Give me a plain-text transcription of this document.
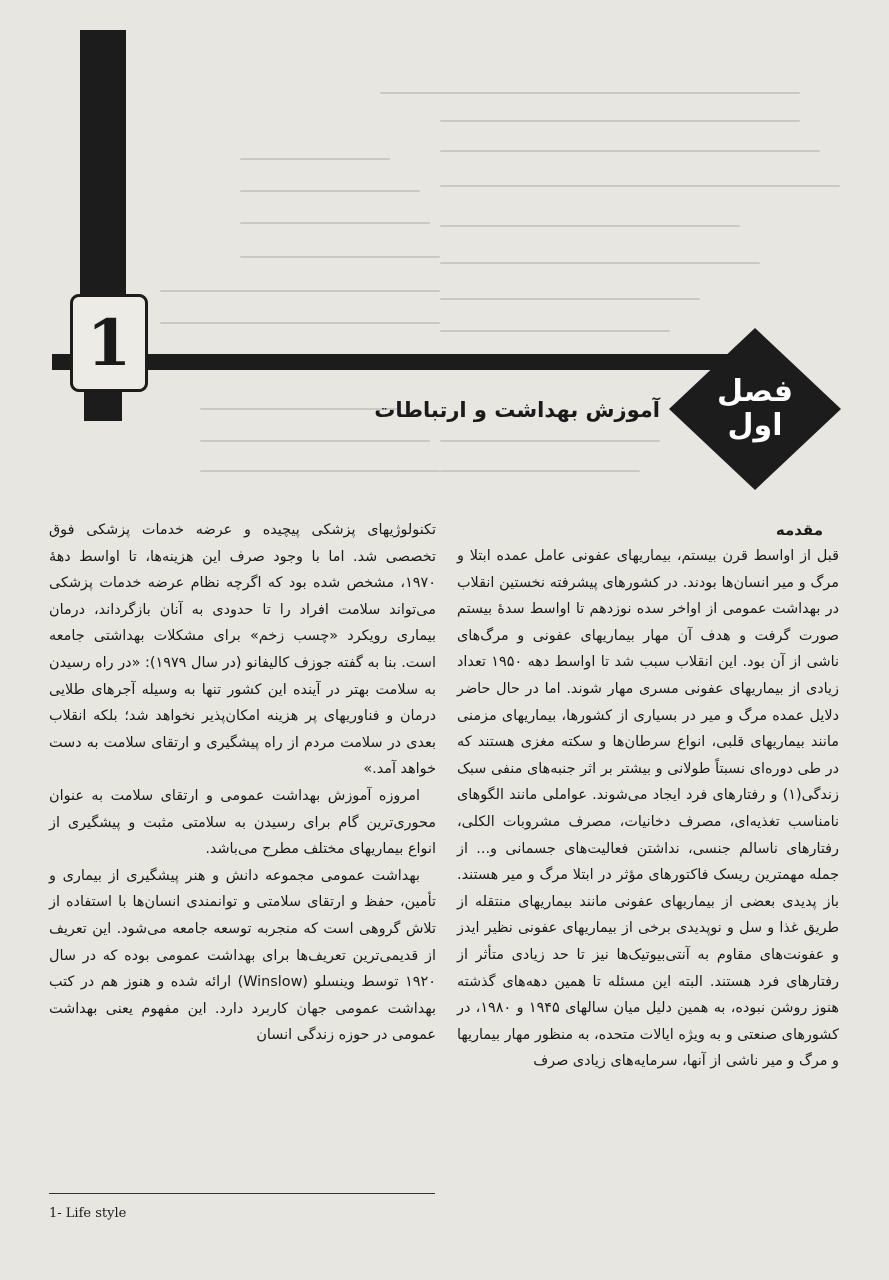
1
فصل
اول
آموزش بهداشت و ارتباطات

مقدمه

قبل از اواسط قرن بیستم، بیماریهای عفونی عامل عمده ابتلا و مرگ و میر انسان‌ها بودند. در کشورهای پیشرفته نخستین انقلاب در بهداشت عمومی از اواخر سده نوزدهم تا اواسط سدهٔ بیستم صورت گرفت و هدف آن مهار بیماریهای عفونی و مرگ‌های ناشی از آن بود. این انقلاب سبب شد تا اواسط دهه ۱۹۵۰ تعداد زیادی از بیماریهای عفونی مسری مهار شوند. اما در حال حاضر دلایل عمده مرگ و میر در بسیاری از کشورها، بیماریهای مزمنی مانند بیماریهای قلبی، انواع سرطان‌ها و سکته مغزی هستند که در طی دوره‌ای نسبتاً طولانی و بیشتر بر اثر جنبه‌های منفی سبک زندگی(۱) و رفتارهای فرد ایجاد می‌شوند. عواملی مانند الگوهای نامناسب تغذیه‌ای، مصرف دخانیات، مصرف مشروبات الکلی، رفتارهای ناسالم جنسی، نداشتن فعالیت‌های جسمانی و... از جمله مهمترین ریسک فاکتورهای مؤثر در ابتلا مرگ و میر هستند. باز پدیدی بعضی از بیماریهای عفونی مانند بیماریهای منتقله از طریق غذا و سل و نوپدیدی برخی از بیماریهای عفونی نظیر ایدز و عفونت‌های مقاوم به آنتی‌بیوتیک‌ها نیز تا حد زیادی متأثر از رفتارهای فرد هستند. البته این مسئله تا همین دهه‌های گذشته هنوز روشن نبوده، به همین دلیل میان سالهای ۱۹۴۵ و ۱۹۸۰، در کشورهای صنعتی و به ویژه ایالات متحده، به منظور مهار بیماریها و مرگ و میر ناشی از آنها، سرمایه‌های زیادی صرف

تکنولوژیهای پزشکی پیچیده و عرضه خدمات پزشکی فوق تخصصی شد. اما با وجود صرف این هزینه‌ها، تا اواسط دههٔ ۱۹۷۰، مشخص شده بود که اگرچه نظام عرضه خدمات پزشکی می‌تواند سلامت افراد را تا حدودی به آنان بازگرداند، درمان بیماری رویکرد «چسب زخم» برای مشکلات بهداشتی جامعه است. بنا به گفته جوزف کالیفانو (در سال ۱۹۷۹): «در راه رسیدن به سلامت بهتر در آینده این کشور تنها به وسیله آجرهای طلایی درمان و فناوریهای پر هزینه امکان‌پذیر نخواهد شد؛ بلکه انقلاب بعدی در سلامت مردم از راه پیشگیری و ارتقای سلامت به دست خواهد آمد.»

امروزه آموزش بهداشت عمومی و ارتقای سلامت به عنوان محوری‌ترین گام برای رسیدن به سلامتی مثبت و پیشگیری از انواع بیماریهای مختلف مطرح می‌باشد.

بهداشت عمومی مجموعه دانش و هنر پیشگیری از بیماری و تأمین، حفظ و ارتقای سلامتی و توانمندی انسان‌ها با استفاده از تلاش گروهی است که منجربه توسعه جامعه می‌شود. این تعریف از قدیمی‌ترین تعریف‌ها برای بهداشت عمومی بوده که در سال ۱۹۲۰ توسط وینسلو (Winslow) ارائه شده و هنوز هم در کتب بهداشت عمومی جهان کاربرد دارد. این مفهوم یعنی بهداشت عمومی در حوزه زندگی انسان

1- Life style
